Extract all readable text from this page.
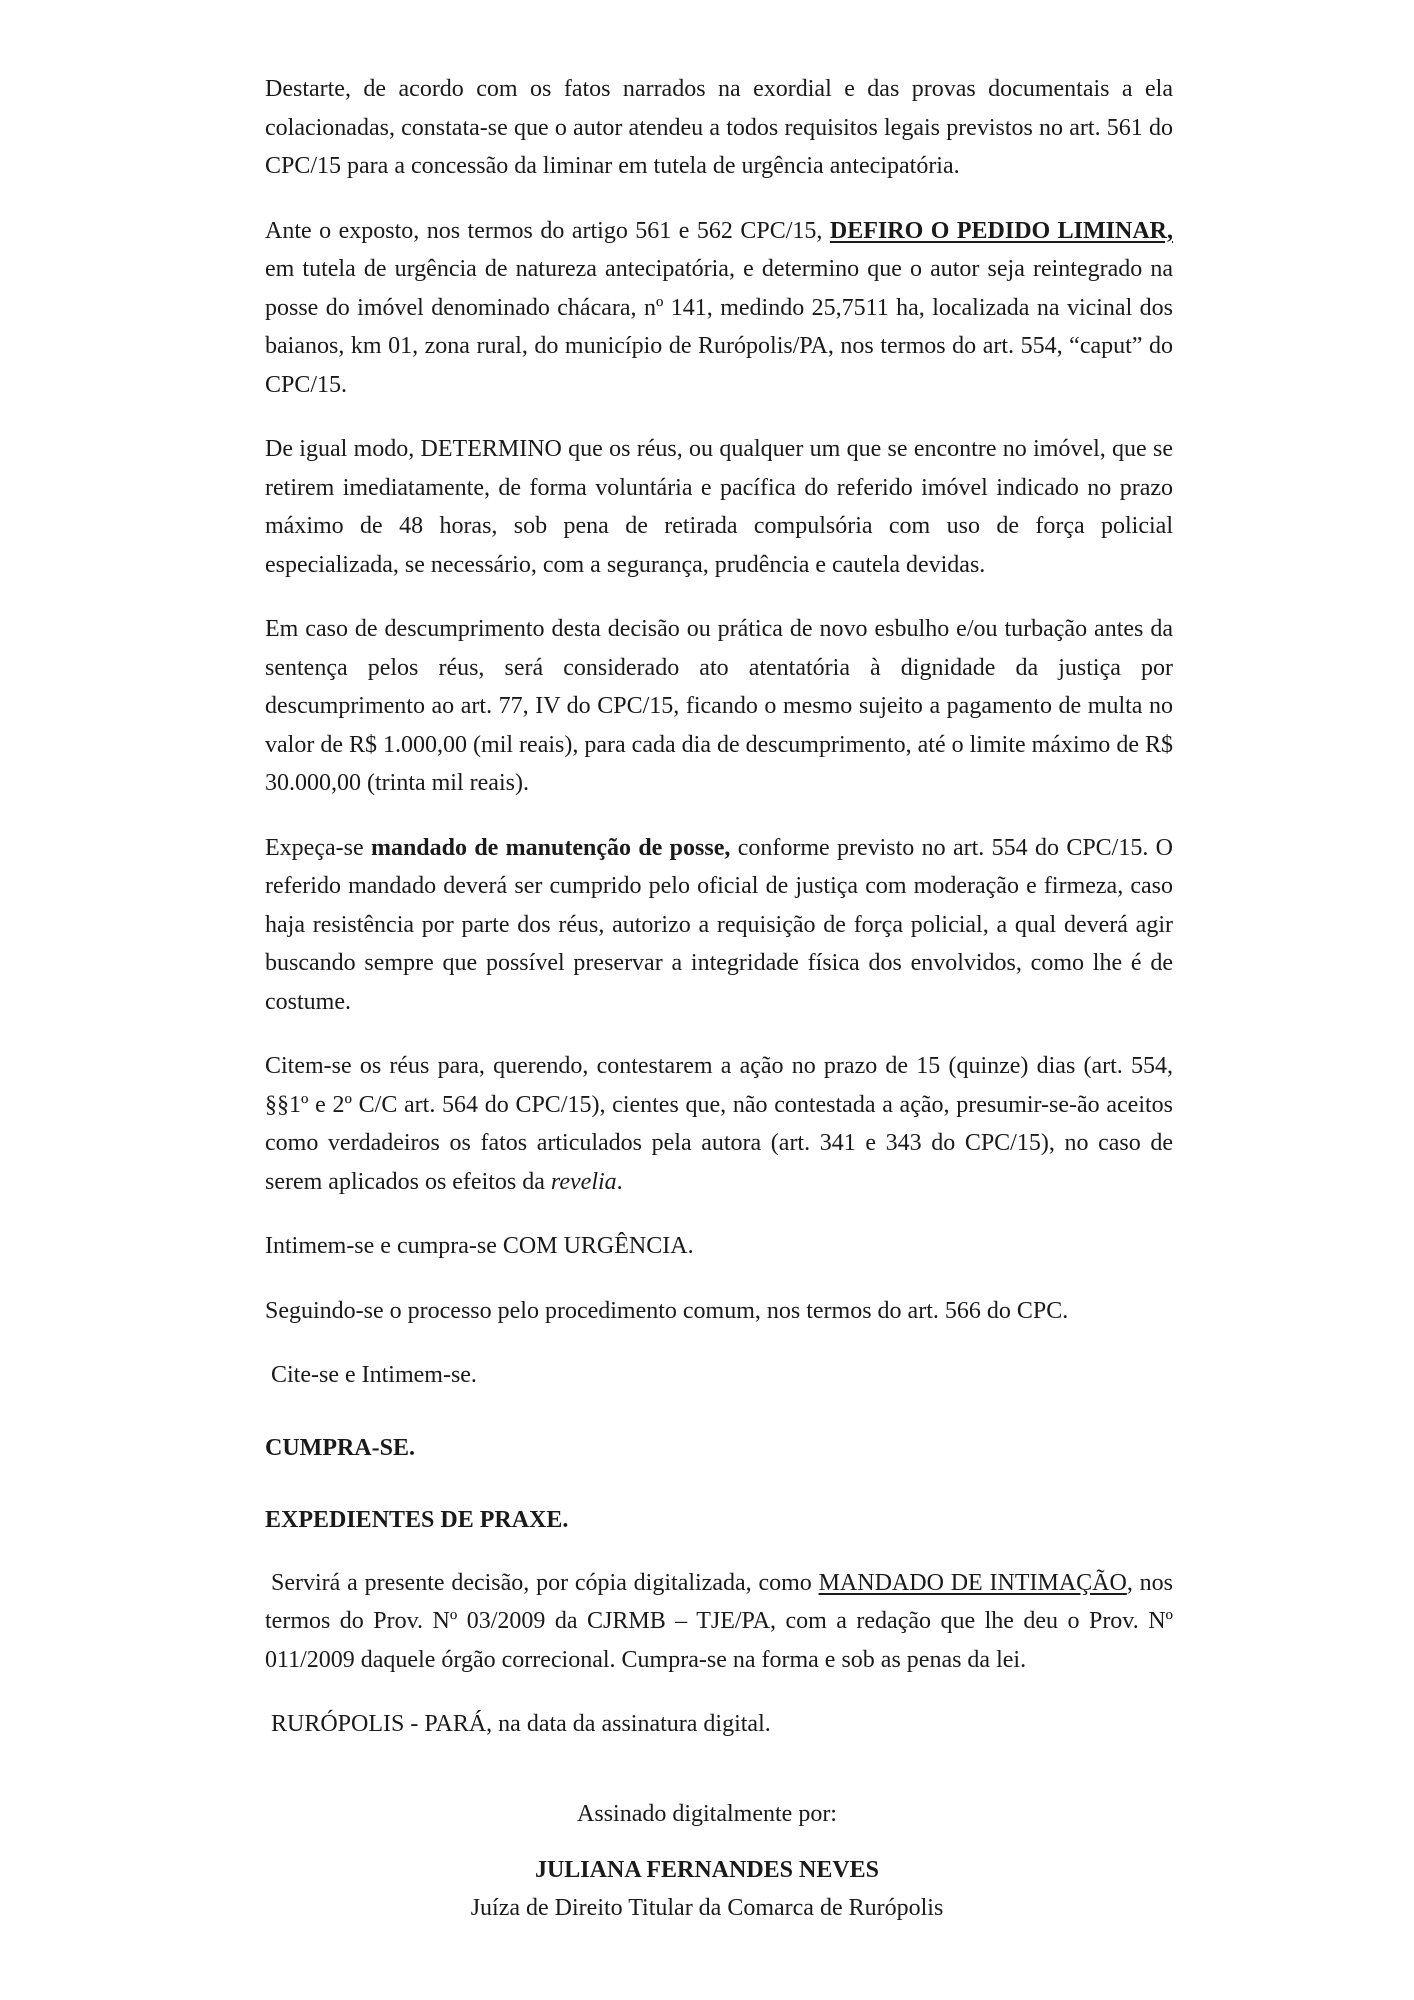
Destarte, de acordo com os fatos narrados na exordial e das provas documentais a ela colacionadas, constata-se que o autor atendeu a todos requisitos legais previstos no art. 561 do CPC/15 para a concessão da liminar em tutela de urgência antecipatória.

Ante o exposto, nos termos do artigo 561 e 562 CPC/15, DEFIRO O PEDIDO LIMINAR, em tutela de urgência de natureza antecipatória, e determino que o autor seja reintegrado na posse do imóvel denominado chácara, nº 141, medindo 25,7511 ha, localizada na vicinal dos baianos, km 01, zona rural, do município de Rurópolis/PA, nos termos do art. 554, “caput” do CPC/15.

De igual modo, DETERMINO que os réus, ou qualquer um que se encontre no imóvel, que se retirem imediatamente, de forma voluntária e pacífica do referido imóvel indicado no prazo máximo de 48 horas, sob pena de retirada compulsória com uso de força policial especializada, se necessário, com a segurança, prudência e cautela devidas.

Em caso de descumprimento desta decisão ou prática de novo esbulho e/ou turbação antes da sentença pelos réus, será considerado ato atentatória à dignidade da justiça por descumprimento ao art. 77, IV do CPC/15, ficando o mesmo sujeito a pagamento de multa no valor de R$ 1.000,00 (mil reais), para cada dia de descumprimento, até o limite máximo de R$ 30.000,00 (trinta mil reais).

Expeça-se mandado de manutenção de posse, conforme previsto no art. 554 do CPC/15. O referido mandado deverá ser cumprido pelo oficial de justiça com moderação e firmeza, caso haja resistência por parte dos réus, autorizo a requisição de força policial, a qual deverá agir buscando sempre que possível preservar a integridade física dos envolvidos, como lhe é de costume.

Citem-se os réus para, querendo, contestarem a ação no prazo de 15 (quinze) dias (art. 554, §§1º e 2º C/C art. 564 do CPC/15), cientes que, não contestada a ação, presumir-se-ão aceitos como verdadeiros os fatos articulados pela autora (art. 341 e 343 do CPC/15), no caso de serem aplicados os efeitos da revelia.

Intimem-se e cumpra-se COM URGÊNCIA.

Seguindo-se o processo pelo procedimento comum, nos termos do art. 566 do CPC.

Cite-se e Intimem-se.

CUMPRA-SE.

EXPEDIENTES DE PRAXE.

Servirá a presente decisão, por cópia digitalizada, como MANDADO DE INTIMAÇÃO, nos termos do Prov. Nº 03/2009 da CJRMB – TJE/PA, com a redação que lhe deu o Prov. Nº 011/2009 daquele órgão correcional. Cumpra-se na forma e sob as penas da lei.

RURÓPOLIS - PARÁ, na data da assinatura digital.

Assinado digitalmente por:
JULIANA FERNANDES NEVES
Juíza de Direito Titular da Comarca de Rurópolis
